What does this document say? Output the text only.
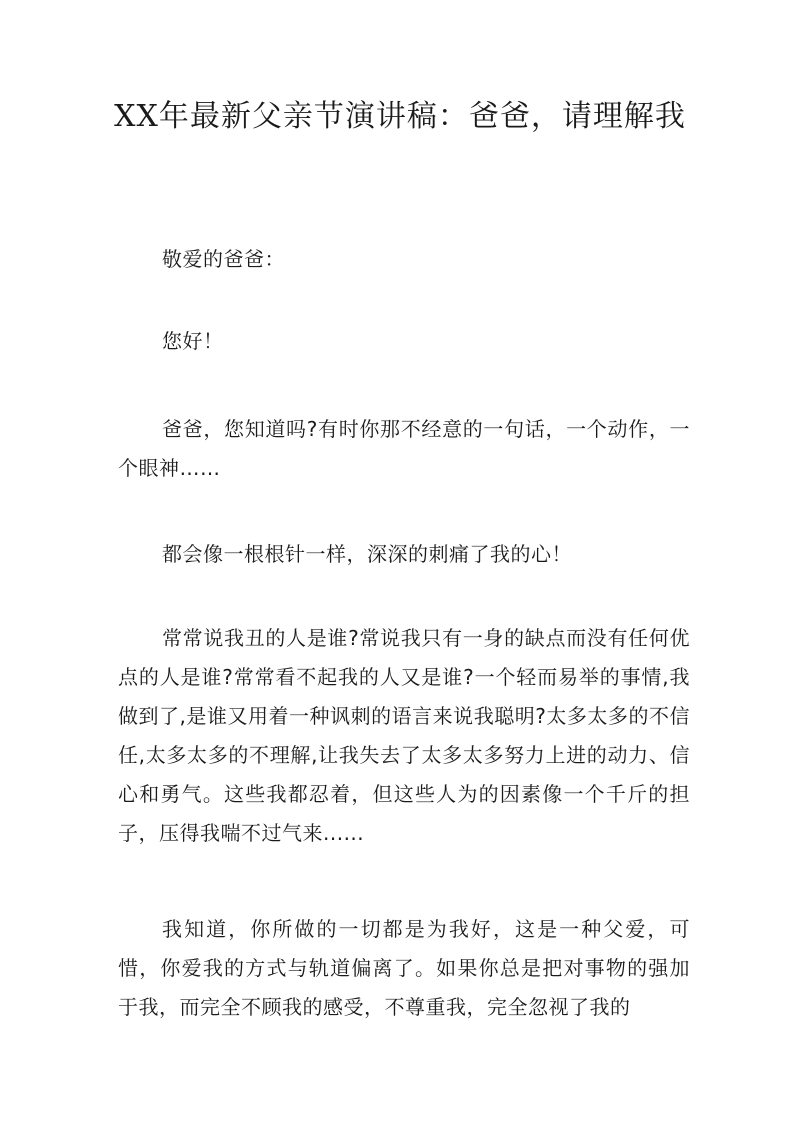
XX年最新父亲节演讲稿：爸爸，请理解我

敬爱的爸爸：

您好！

爸爸，您知道吗?有时你那不经意的一句话，一个动作，一个眼神……

都会像一根根针一样，深深的刺痛了我的心！

常常说我丑的人是谁?常说我只有一身的缺点而没有任何优点的人是谁?常常看不起我的人又是谁?一个轻而易举的事情,我做到了,是谁又用着一种讽刺的语言来说我聪明?太多太多的不信任,太多太多的不理解,让我失去了太多太多努力上进的动力、信心和勇气。这些我都忍着，但这些人为的因素像一个千斤的担子，压得我喘不过气来......

我知道，你所做的一切都是为我好，这是一种父爱，可惜，你爱我的方式与轨道偏离了。如果你总是把对事物的强加于我，而完全不顾我的感受，不尊重我，完全忽视了我的
